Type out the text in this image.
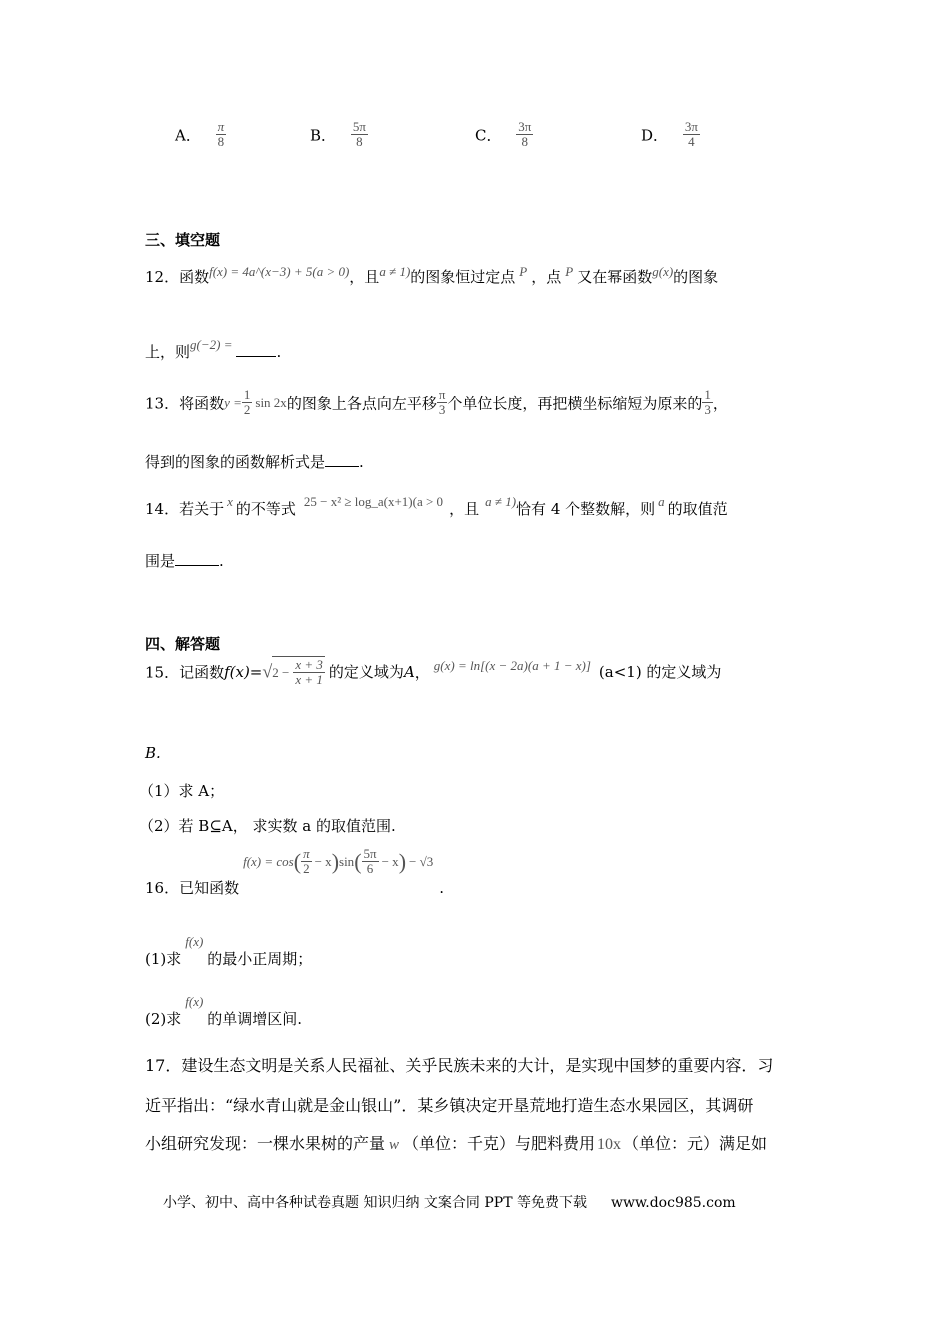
A． $\frac{\pi}{8}$	B． $\frac{5\pi}{8}$	C． $\frac{3\pi}{8}$	D． $\frac{3\pi}{4}$
三、填空题
12．函数f(x) = 4a^(x−3) + 5(a > 0)，且a ≠ 1)的图象恒过定点 P ，点 P 又在幂函数g(x)的图象
上，则g(−2) =	.
13．将函数$y = \frac{1}{2}$ sin 2x的图象上各点向左平移 $\frac{\pi}{3}$ 个单位长度，再把横坐标缩短为原来的 $\frac{1}{3}$ ，
得到的图象的函数解析式是 .
14．若关于 x 的不等式 25 − x² ≥ log_a(x+1)(a > 0 ，且 a ≠ 1)恰有 4 个整数解，则 a 的取值范
围是	.
四、解答题
15．记函数$f(x)=√2 - \frac{x + 3}{x + 1}$ 的定义域为A， g(x) = ln[(x − 2a)(a + 1 − x)] (a<1) 的定义域为
B.
（1）求 A；
（2）若 B⊆A， 求实数 a 的取值范围.
16．已知函数$f(x) = \cos( \frac{\pi}{2} - x)\sin( \frac{5\pi}{6} - x) - √3$.
(1)求f(x)的最小正周期；
(2)求f(x)的单调增区间.
17．建设生态文明是关系人民福祉、关乎民族未来的大计，是实现中国梦的重要内容．习
近平指出：“绿水青山就是金山银山”．某乡镇决定开垦荒地打造生态水果园区，其调研
小组研究发现：一棵水果树的产量 w （单位：千克）与肥料费用 10x （单位：元）满足如
小学、初中、高中各种试卷真题 知识归纳 文案合同 PPT 等免费下载 www.doc985.com
